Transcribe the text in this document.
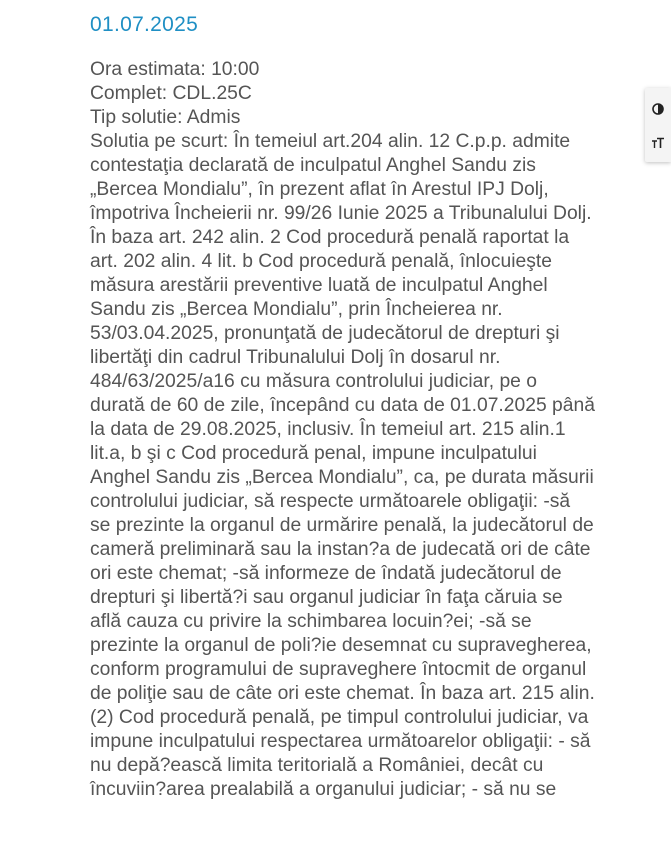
01.07.2025

Ora estimata: 10:00

Complet: CDL.25C

Tip solutie: Admis

Solutia pe scurt: În temeiul art.204 alin. 12 C.p.p. admite

contestaţia declarată de inculpatul Anghel Sandu zis

„Bercea Mondialu”, în prezent aflat în Arestul IPJ Dolj,

împotriva Încheierii nr. 99/26 Iunie 2025 a Tribunalului Dolj.

În baza art. 242 alin. 2 Cod procedură penală raportat la

art. 202 alin. 4 lit. b Cod procedură penală, înlocuieşte

măsura arestării preventive luată de inculpatul Anghel

Sandu zis „Bercea Mondialu”, prin Încheierea nr.

53/03.04.2025, pronunţată de judecătorul de drepturi şi

libertăţi din cadrul Tribunalului Dolj în dosarul nr.

484/63/2025/a16 cu măsura controlului judiciar, pe o

durată de 60 de zile, începând cu data de 01.07.2025 până

la data de 29.08.2025, inclusiv. În temeiul art. 215 alin.1

lit.a, b şi c Cod procedură penal, impune inculpatului

Anghel Sandu zis „Bercea Mondialu”, ca, pe durata măsurii

controlului judiciar, să respecte următoarele obligaţii: -să

se prezinte la organul de urmărire penală, la judecătorul de

cameră preliminară sau la instan?a de judecată ori de câte

ori este chemat; -să informeze de îndată judecătorul de

drepturi şi libertă?i sau organul judiciar în faţa căruia se

află cauza cu privire la schimbarea locuin?ei; -să se

prezinte la organul de poli?ie desemnat cu supravegherea,

conform programului de supraveghere întocmit de organul

de poliţie sau de câte ori este chemat. În baza art. 215 alin.

(2) Cod procedură penală, pe timpul controlului judiciar, va

impune inculpatului respectarea următoarelor obligaţii: - să

nu depă?ească limita teritorială a României, decât cu

încuviin?area prealabilă a organului judiciar; - să nu se
